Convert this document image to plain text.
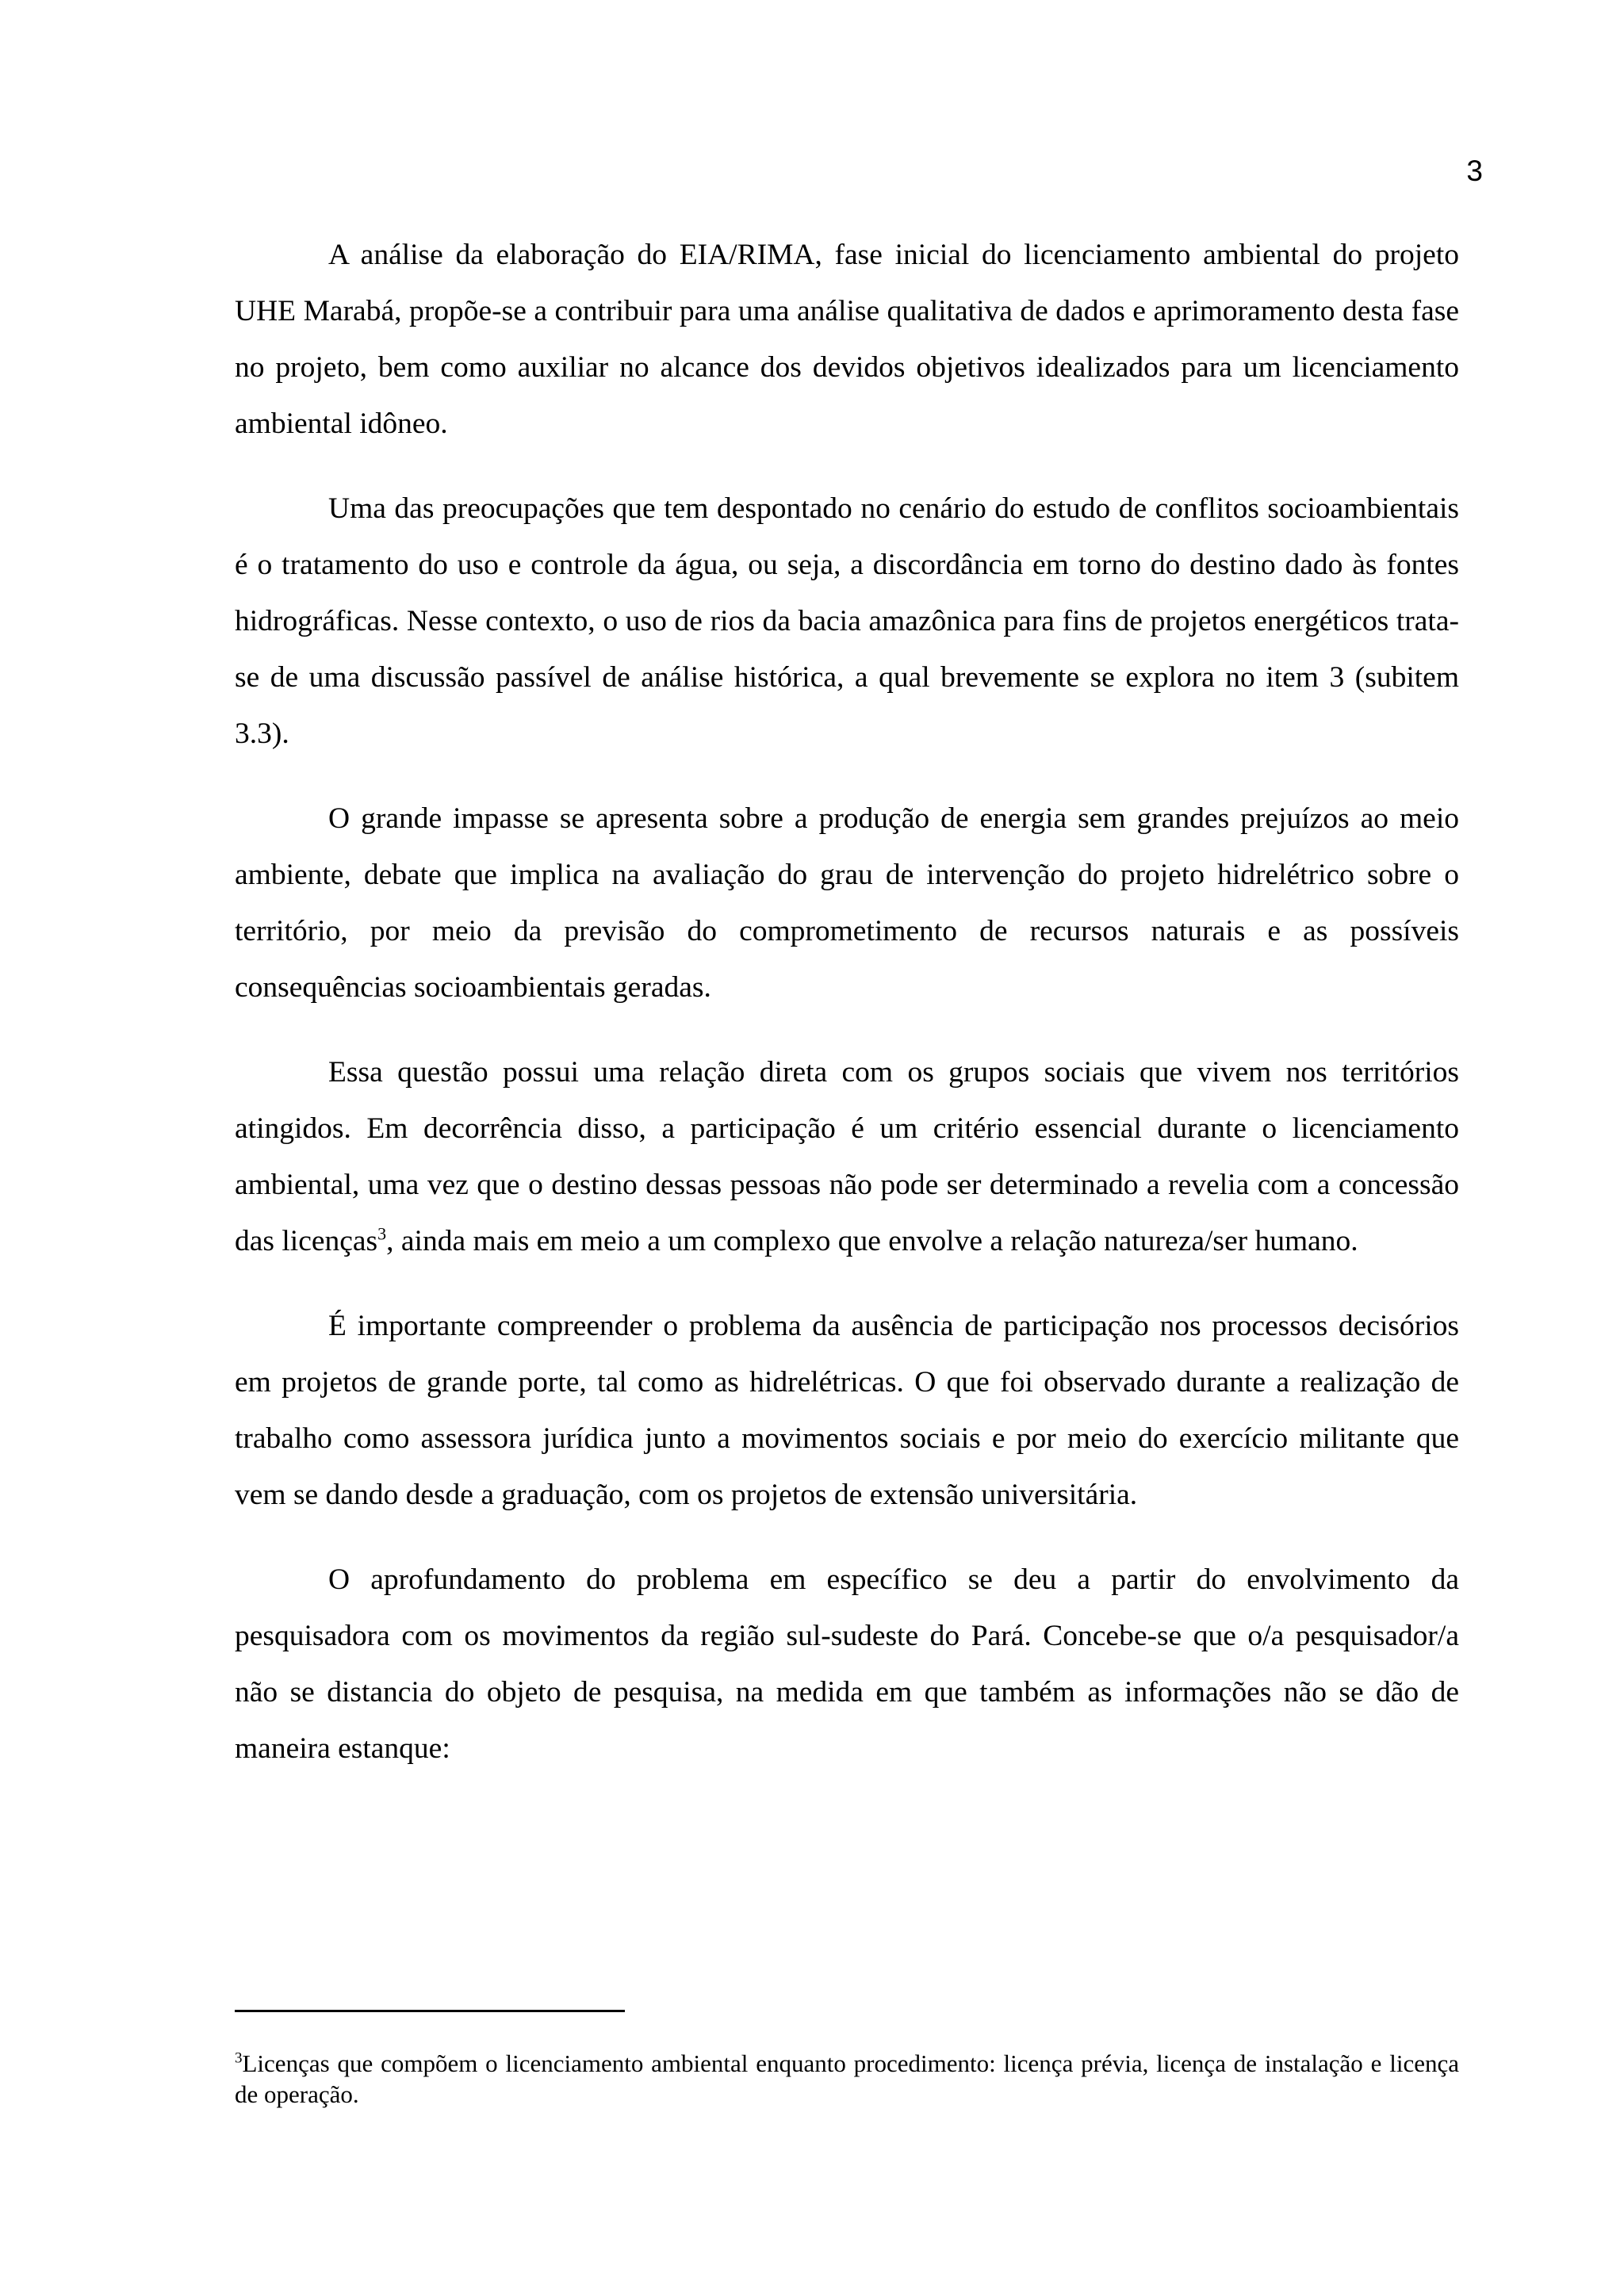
3

A análise da elaboração do EIA/RIMA, fase inicial do licenciamento ambiental do projeto UHE Marabá, propõe-se a contribuir para uma análise qualitativa de dados e aprimoramento desta fase no projeto, bem como auxiliar no alcance dos devidos objetivos idealizados para um licenciamento ambiental idôneo.

Uma das preocupações que tem despontado no cenário do estudo de conflitos socioambientais é o tratamento do uso e controle da água, ou seja, a discordância em torno do destino dado às fontes hidrográficas. Nesse contexto, o uso de rios da bacia amazônica para fins de projetos energéticos trata-se de uma discussão passível de análise histórica, a qual brevemente se explora no item 3 (subitem 3.3).

O grande impasse se apresenta sobre a produção de energia sem grandes prejuízos ao meio ambiente, debate que implica na avaliação do grau de intervenção do projeto hidrelétrico sobre o território, por meio da previsão do comprometimento de recursos naturais e as possíveis consequências socioambientais geradas.

Essa questão possui uma relação direta com os grupos sociais que vivem nos territórios atingidos. Em decorrência disso, a participação é um critério essencial durante o licenciamento ambiental, uma vez que o destino dessas pessoas não pode ser determinado a revelia com a concessão das licenças$^3$, ainda mais em meio a um complexo que envolve a relação natureza/ser humano.

É importante compreender o problema da ausência de participação nos processos decisórios em projetos de grande porte, tal como as hidrelétricas. O que foi observado durante a realização de trabalho como assessora jurídica junto a movimentos sociais e por meio do exercício militante que vem se dando desde a graduação, com os projetos de extensão universitária.

O aprofundamento do problema em específico se deu a partir do envolvimento da pesquisadora com os movimentos da região sul-sudeste do Pará. Concebe-se que o/a pesquisador/a não se distancia do objeto de pesquisa, na medida em que também as informações não se dão de maneira estanque:

$^3$Licenças que compõem o licenciamento ambiental enquanto procedimento: licença prévia, licença de instalação e licença de operação.
